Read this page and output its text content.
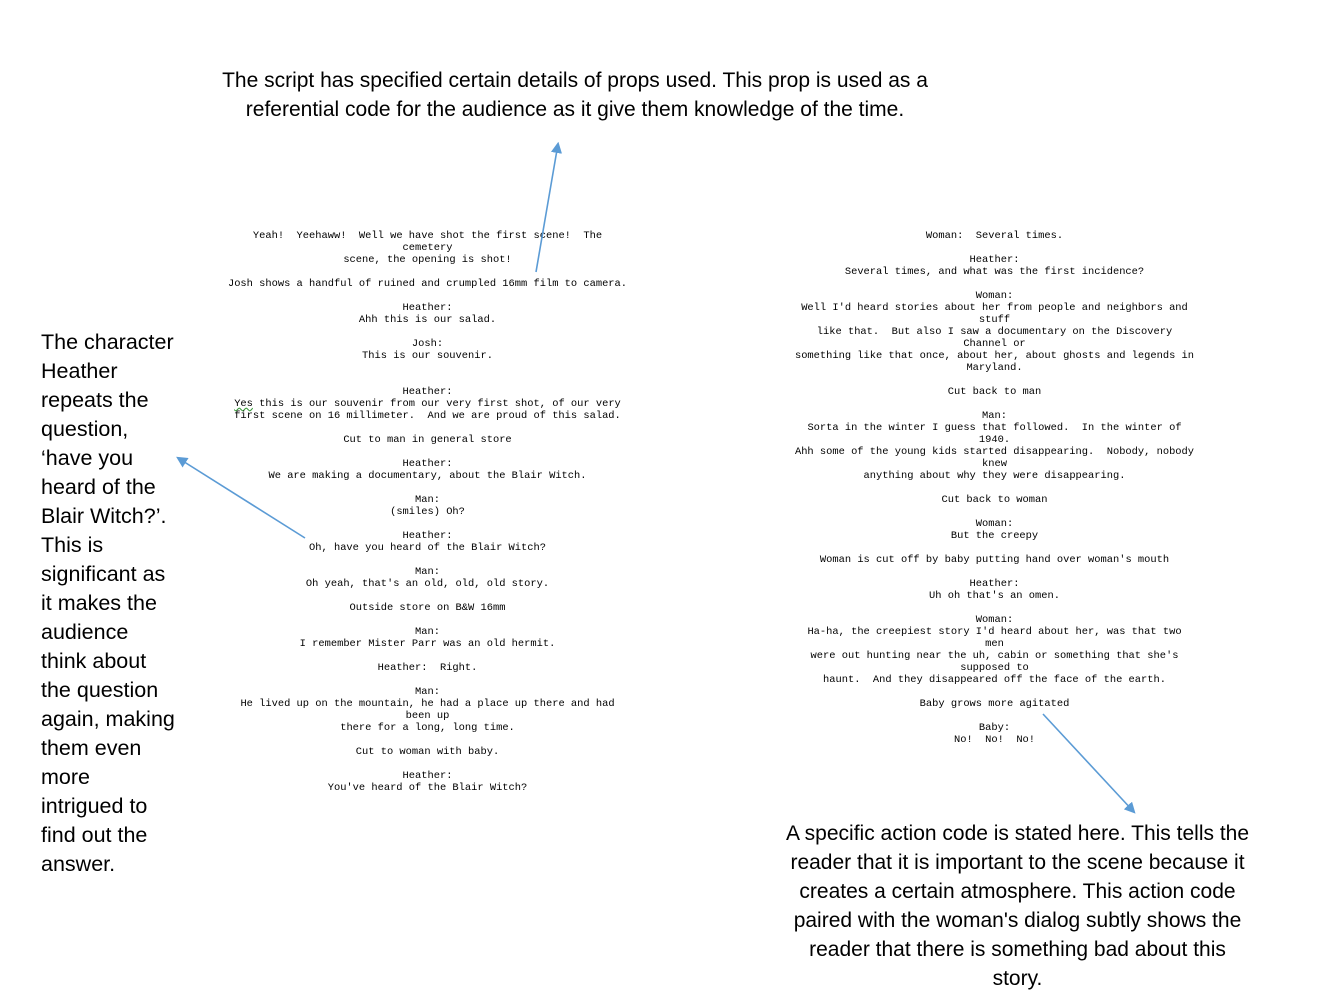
The script has specified certain details of props used. This prop is used as a

referential code for the audience as it give them knowledge of the time.

The character

Heather

repeats the

question,

‘have you

heard of the

Blair Witch?’.

This is

significant as

it makes the

audience

think about

the question

again, making

them even

more

intrigued to

find out the

answer.

A specific action code is stated here. This tells the

reader that it is important to the scene because it

creates a certain atmosphere. This action code

paired with the woman's dialog subtly shows the

reader that there is something bad about this

story.

Yeah!  Yeehaww!  Well we have shot the first scene!  The
cemetery
scene, the opening is shot!
Josh shows a handful of ruined and crumpled 16mm film to camera.
Heather:
Ahh this is our salad.
Josh:
This is our souvenir.
Heather:
Yes this is our souvenir from our very first shot, of our very
first scene on 16 millimeter.  And we are proud of this salad.
Cut to man in general store
Heather:
We are making a documentary, about the Blair Witch.
Man:
(smiles) Oh?
Heather:
Oh, have you heard of the Blair Witch?
Man:
Oh yeah, that's an old, old, old story.
Outside store on B&W 16mm
Man:
I remember Mister Parr was an old hermit.
Heather:  Right.
Man:
He lived up on the mountain, he had a place up there and had
been up
there for a long, long time.
Cut to woman with baby.
Heather:
You've heard of the Blair Witch?
Woman:  Several times.
Heather:
Several times, and what was the first incidence?
Woman:
Well I'd heard stories about her from people and neighbors and
stuff
like that.  But also I saw a documentary on the Discovery
Channel or
something like that once, about her, about ghosts and legends in
Maryland.
Cut back to man
Man:
Sorta in the winter I guess that followed.  In the winter of
1940.
Ahh some of the young kids started disappearing.  Nobody, nobody
knew
anything about why they were disappearing.
Cut back to woman
Woman:
But the creepy
Woman is cut off by baby putting hand over woman's mouth
Heather:
Uh oh that's an omen.
Woman:
Ha-ha, the creepiest story I'd heard about her, was that two
men
were out hunting near the uh, cabin or something that she's
supposed to
haunt.  And they disappeared off the face of the earth.
Baby grows more agitated
Baby:
No!  No!  No!
